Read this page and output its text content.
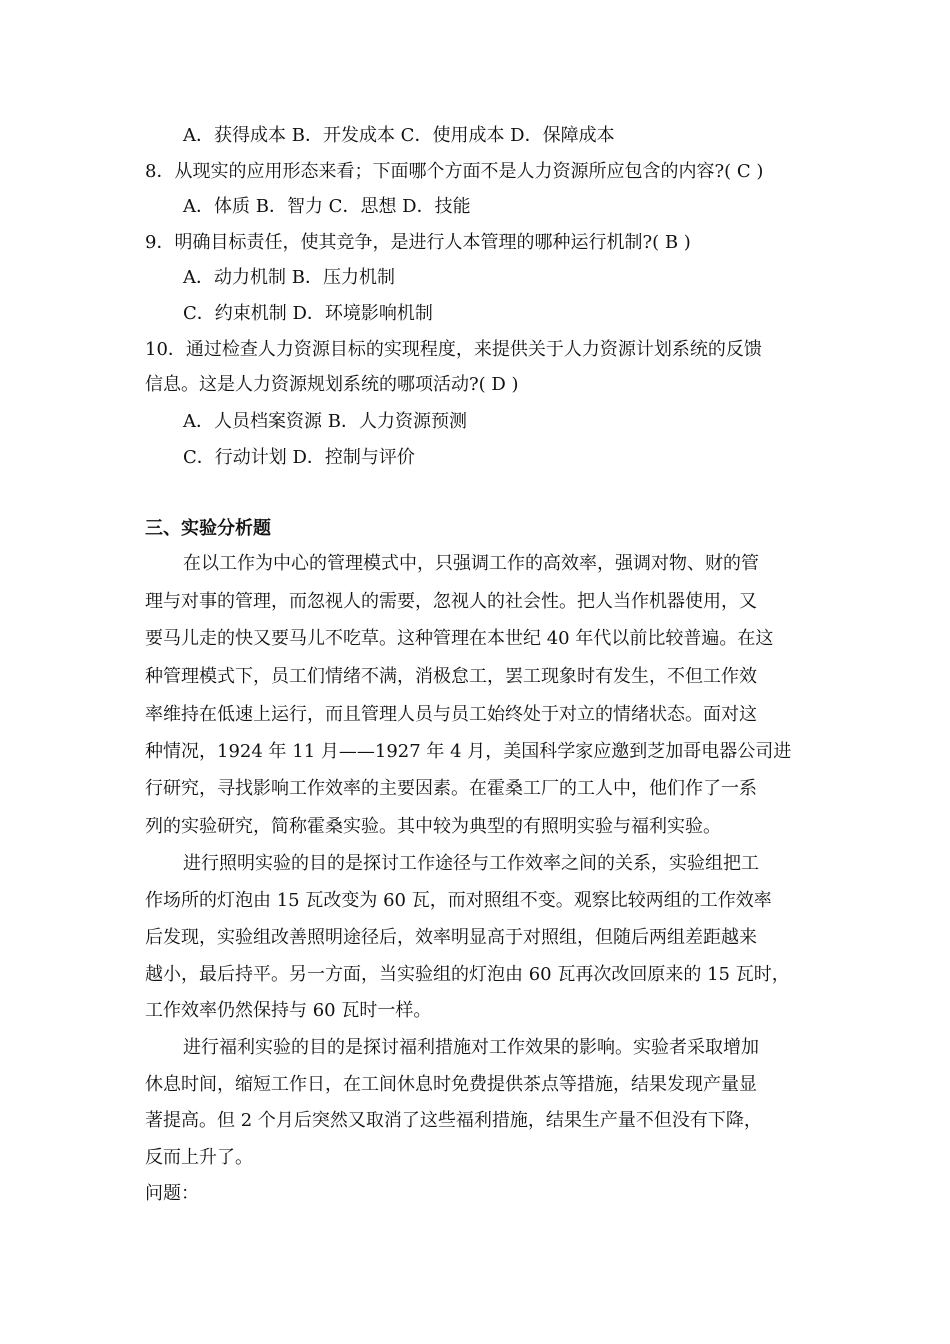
A．获得成本 B．开发成本 C．使用成本 D．保障成本
8．从现实的应用形态来看；下面哪个方面不是人力资源所应包含的内容?( C )
A．体质 B．智力 C．思想 D．技能
9．明确目标责任，使其竞争，是进行人本管理的哪种运行机制?( B )
A．动力机制 B．压力机制
C．约束机制 D．环境影响机制
10．通过检查人力资源目标的实现程度，来提供关于人力资源计划系统的反馈
信息。这是人力资源规划系统的哪项活动?( D )
A．人员档案资源 B．人力资源预测
C．行动计划 D．控制与评价
三、实验分析题
在以工作为中心的管理模式中，只强调工作的高效率，强调对物、财的管
理与对事的管理，而忽视人的需要，忽视人的社会性。把人当作机器使用，又
要马儿走的快又要马儿不吃草。这种管理在本世纪 40 年代以前比较普遍。在这
种管理模式下，员工们情绪不满，消极怠工，罢工现象时有发生，不但工作效
率维持在低速上运行，而且管理人员与员工始终处于对立的情绪状态。面对这
种情况，1924 年 11 月——1927 年 4 月，美国科学家应邀到芝加哥电器公司进
行研究，寻找影响工作效率的主要因素。在霍桑工厂的工人中，他们作了一系
列的实验研究，简称霍桑实验。其中较为典型的有照明实验与福利实验。
进行照明实验的目的是探讨工作途径与工作效率之间的关系，实验组把工
作场所的灯泡由 15 瓦改变为 60 瓦，而对照组不变。观察比较两组的工作效率
后发现，实验组改善照明途径后，效率明显高于对照组，但随后两组差距越来
越小，最后持平。另一方面，当实验组的灯泡由 60 瓦再次改回原来的 15 瓦时，
工作效率仍然保持与 60 瓦时一样。
进行福利实验的目的是探讨福利措施对工作效果的影响。实验者采取增加
休息时间，缩短工作日，在工间休息时免费提供茶点等措施，结果发现产量显
著提高。但 2 个月后突然又取消了这些福利措施，结果生产量不但没有下降，
反而上升了。
问题：
